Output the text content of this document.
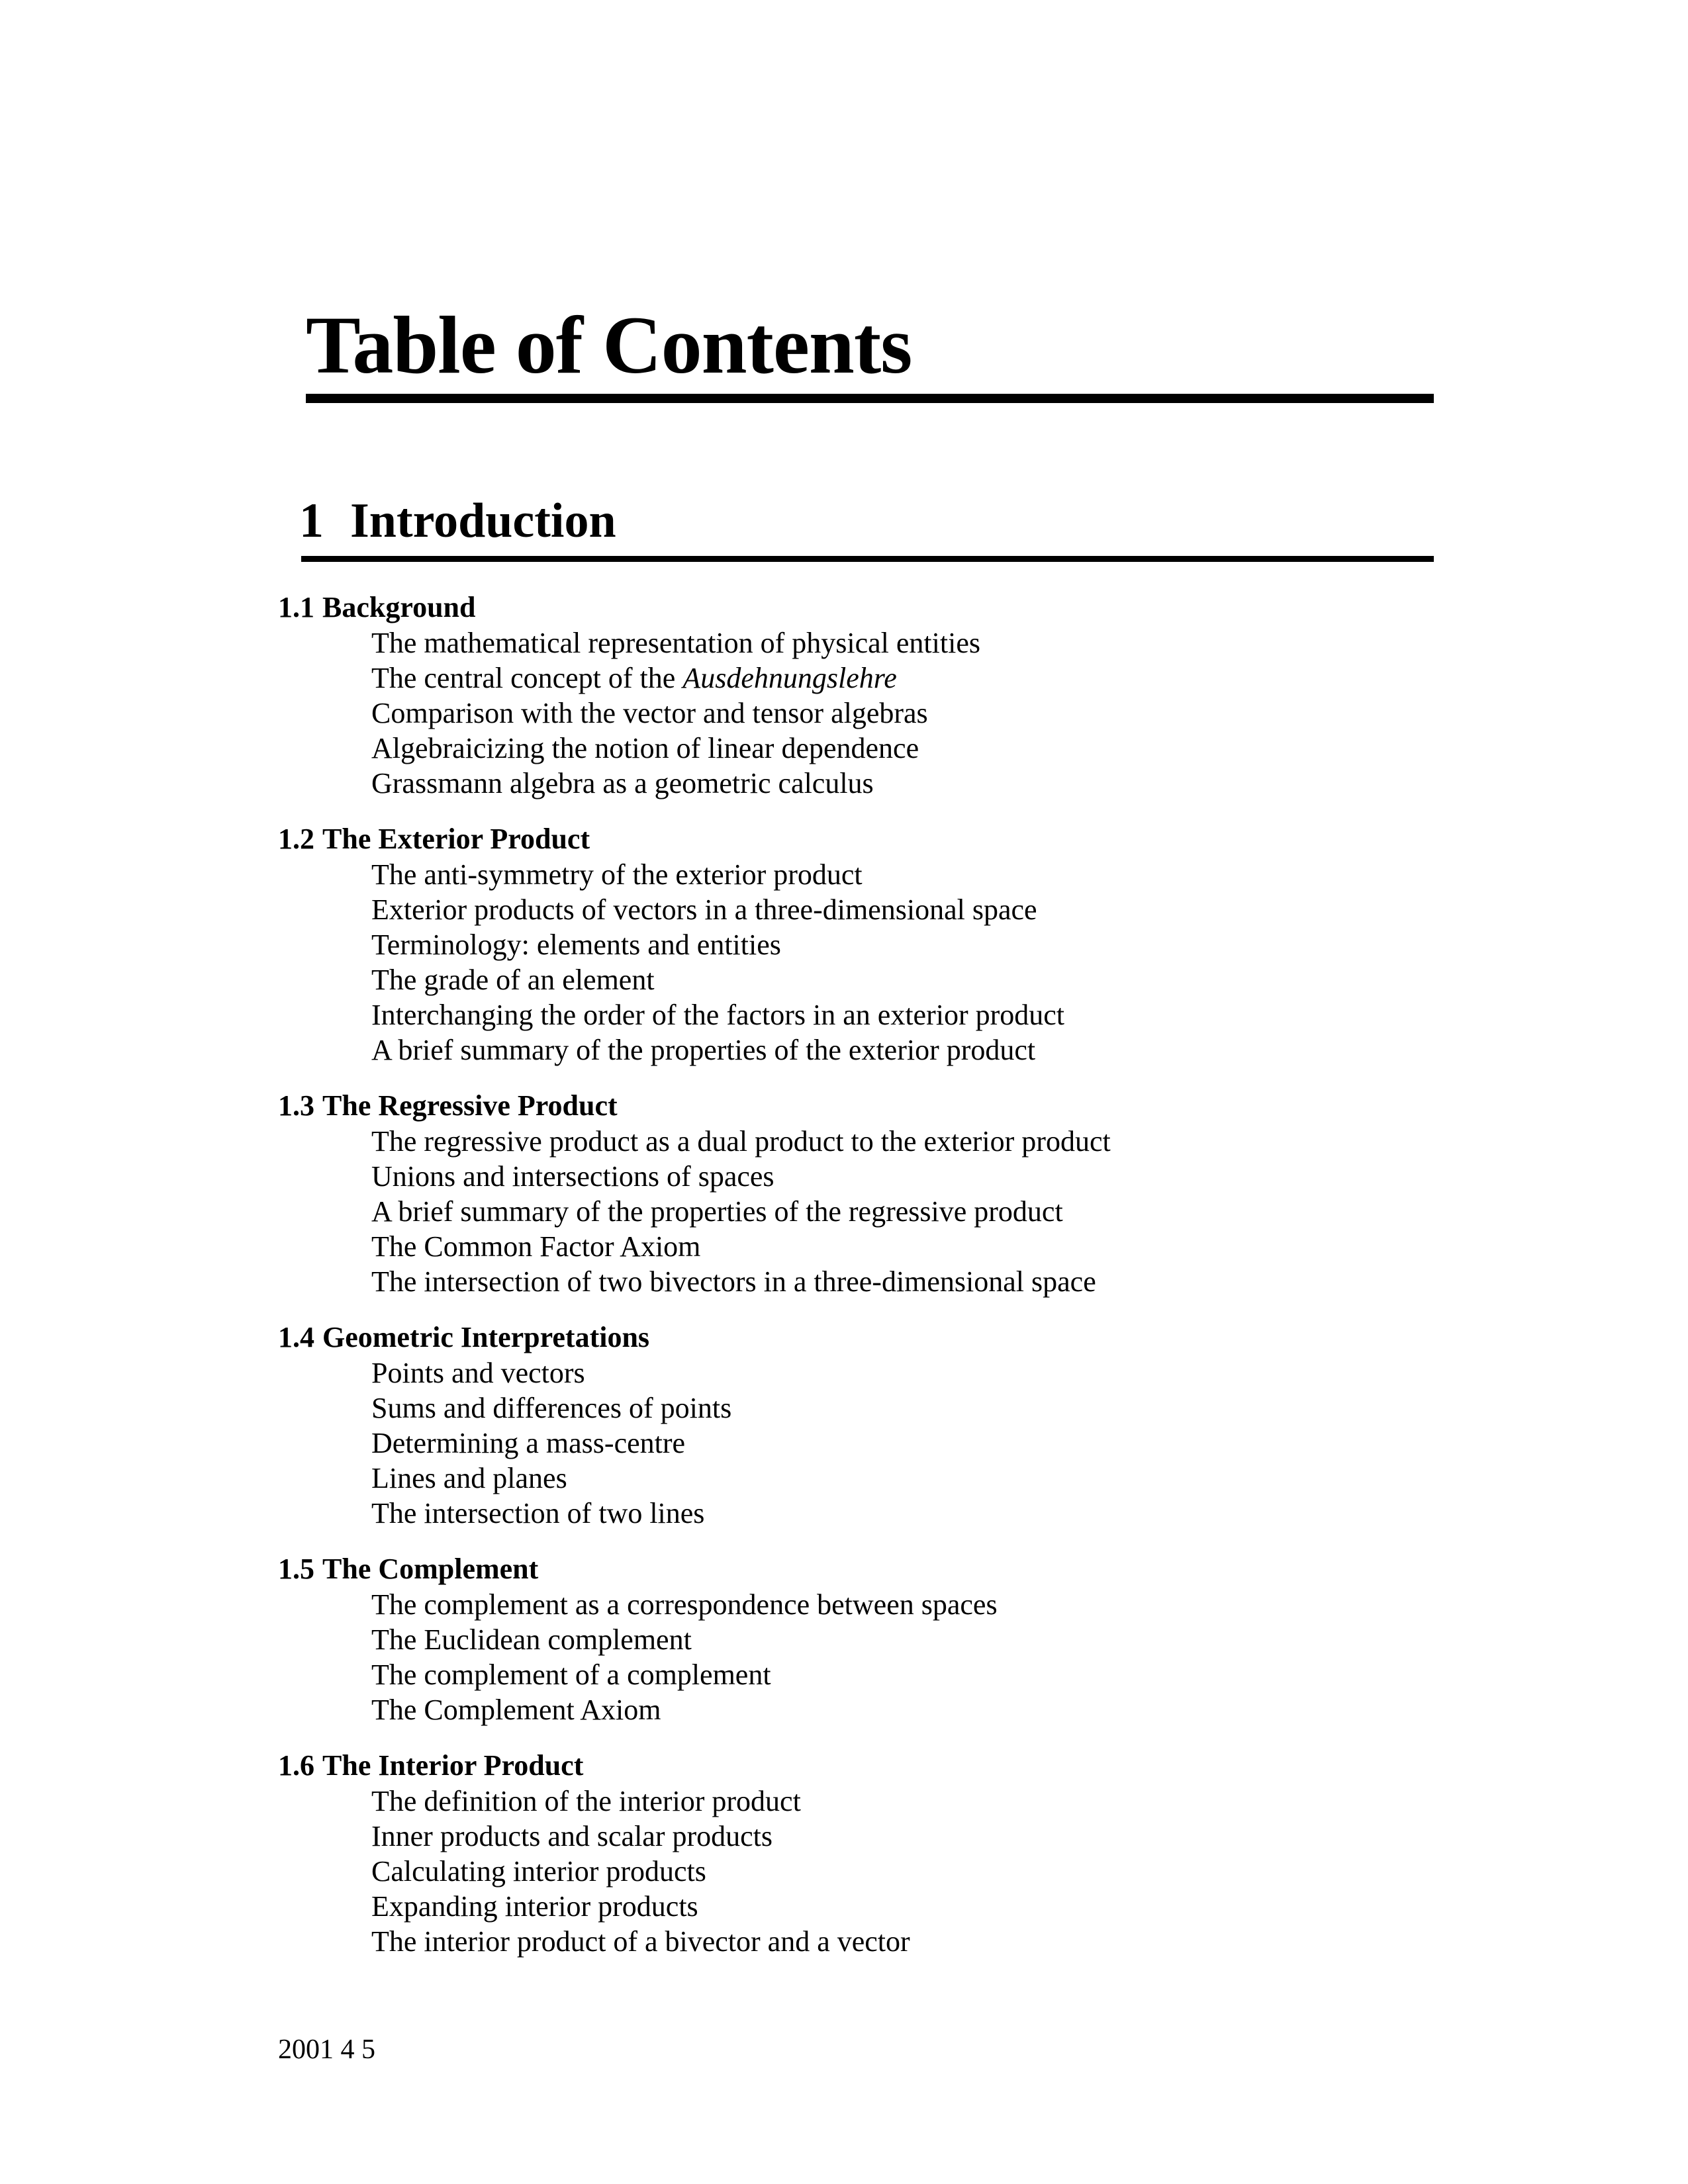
Table of Contents
1 Introduction
1.1 Background
The mathematical representation of physical entities
The central concept of the Ausdehnungslehre
Comparison with the vector and tensor algebras
Algebraicizing the notion of linear dependence
Grassmann algebra as a geometric calculus
1.2 The Exterior Product
The anti-symmetry of the exterior product
Exterior products of vectors in a three-dimensional space
Terminology: elements and entities
The grade of an element
Interchanging the order of the factors in an exterior product
A brief summary of the properties of the exterior product
1.3 The Regressive Product
The regressive product as a dual product to the exterior product
Unions and intersections of spaces
A brief summary of the properties of the regressive product
The Common Factor Axiom
The intersection of two bivectors in a three-dimensional space
1.4 Geometric Interpretations
Points and vectors
Sums and differences of points
Determining a mass-centre
Lines and planes
The intersection of two lines
1.5 The Complement
The complement as a correspondence between spaces
The Euclidean complement
The complement of a complement
The Complement Axiom
1.6 The Interior Product
The definition of the interior product
Inner products and scalar products
Calculating interior products
Expanding interior products
The interior product of a bivector and a vector
2001 4 5
